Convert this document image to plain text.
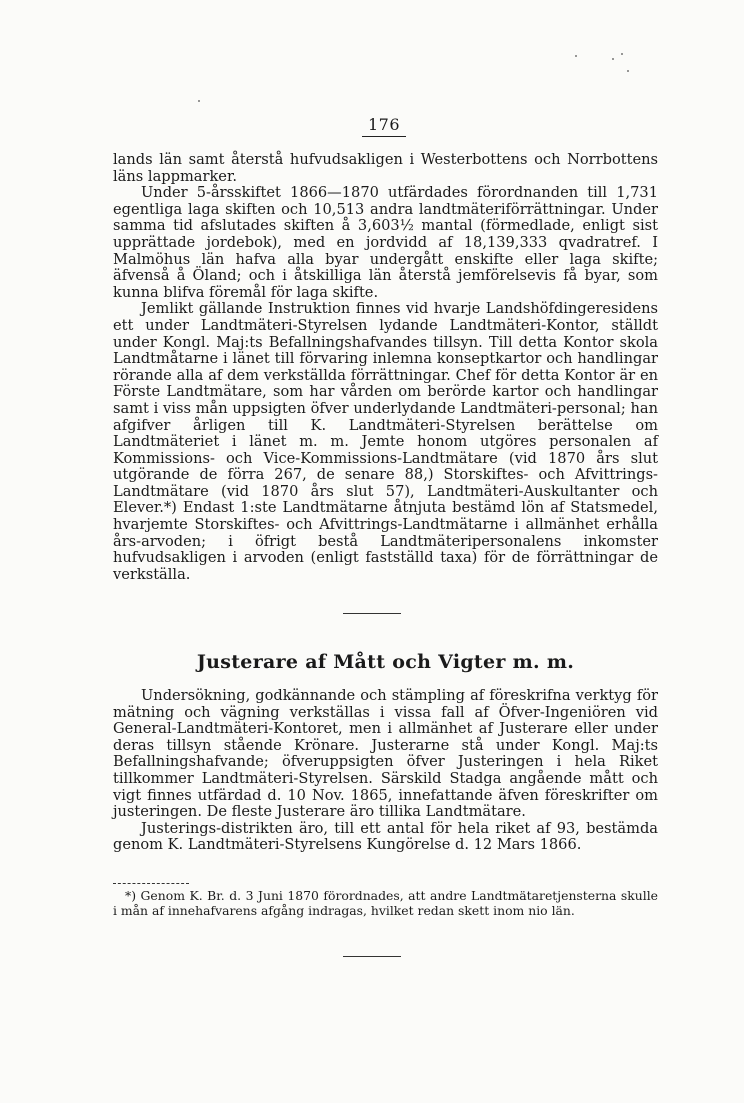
176

lands län samt återstå hufvudsakligen i Westerbottens och Norrbottens läns lappmarker.

Under 5-årsskiftet 1866—1870 utfärdades förordnanden till 1,731 egentliga laga skiften och 10,513 andra landtmäteriförrättningar. Under samma tid afslutades skiften å 3,603½ mantal (förmedlade, enligt sist upprättade jordebok), med en jordvidd af 18,139,333 qvadratref. I Malmöhus län hafva alla byar undergått enskifte eller laga skifte; äfvenså å Öland; och i åtskilliga län återstå jemförelsevis få byar, som kunna blifva föremål för laga skifte.

Jemlikt gällande Instruktion finnes vid hvarje Landshöfdingeresidens ett under Landtmäteri-Styrelsen lydande Landtmäteri-Kontor, ställdt under Kongl. Maj:ts Befallningshafvandes tillsyn. Till detta Kontor skola Landtmåtarne i länet till förvaring inlemna konseptkartor och handlingar rörande alla af dem verkställda förrättningar. Chef för detta Kontor är en Förste Landtmätare, som har vården om berörde kartor och handlingar samt i viss mån uppsigten öfver underlydande Landtmäteri-personal; han afgifver årligen till K. Landtmäteri-Styrelsen berättelse om Landtmäteriet i länet m. m. Jemte honom utgöres personalen af Kommissions- och Vice-Kommissions-Landtmätare (vid 1870 års slut utgörande de förra 267, de senare 88,) Storskiftes- och Afvittrings-Landtmätare (vid 1870 års slut 57), Landtmäteri-Auskultanter och Elever.*) Endast 1:ste Landtmätarne åtnjuta bestämd lön af Statsmedel, hvarjemte Storskiftes- och Afvittrings-Landtmätarne i allmänhet erhålla års-arvoden; i öfrigt bestå Landtmäteripersonalens inkomster hufvudsakligen i arvoden (enligt fastställd taxa) för de förrättningar de verkställa.

Justerare af Mått och Vigter m. m.

Undersökning, godkännande och stämpling af föreskrifna verktyg för mätning och vägning verkställas i vissa fall af Öfver-Ingeniören vid General-Landtmäteri-Kontoret, men i allmänhet af Justerare eller under deras tillsyn stående Krönare. Justerarne stå under Kongl. Maj:ts Befallningshafvande; öfveruppsigten öfver Justeringen i hela Riket tillkommer Landtmäteri-Styrelsen. Särskild Stadga angående mått och vigt finnes utfärdad d. 10 Nov. 1865, innefattande äfven föreskrifter om justeringen. De fleste Justerare äro tillika Landtmätare.

Justerings-distrikten äro, till ett antal för hela riket af 93, bestämda genom K. Landtmäteri-Styrelsens Kungörelse d. 12 Mars 1866.

*) Genom K. Br. d. 3 Juni 1870 förordnades, att andre Landtmätaretjensterna skulle i mån af innehafvarens afgång indragas, hvilket redan skett inom nio län.
